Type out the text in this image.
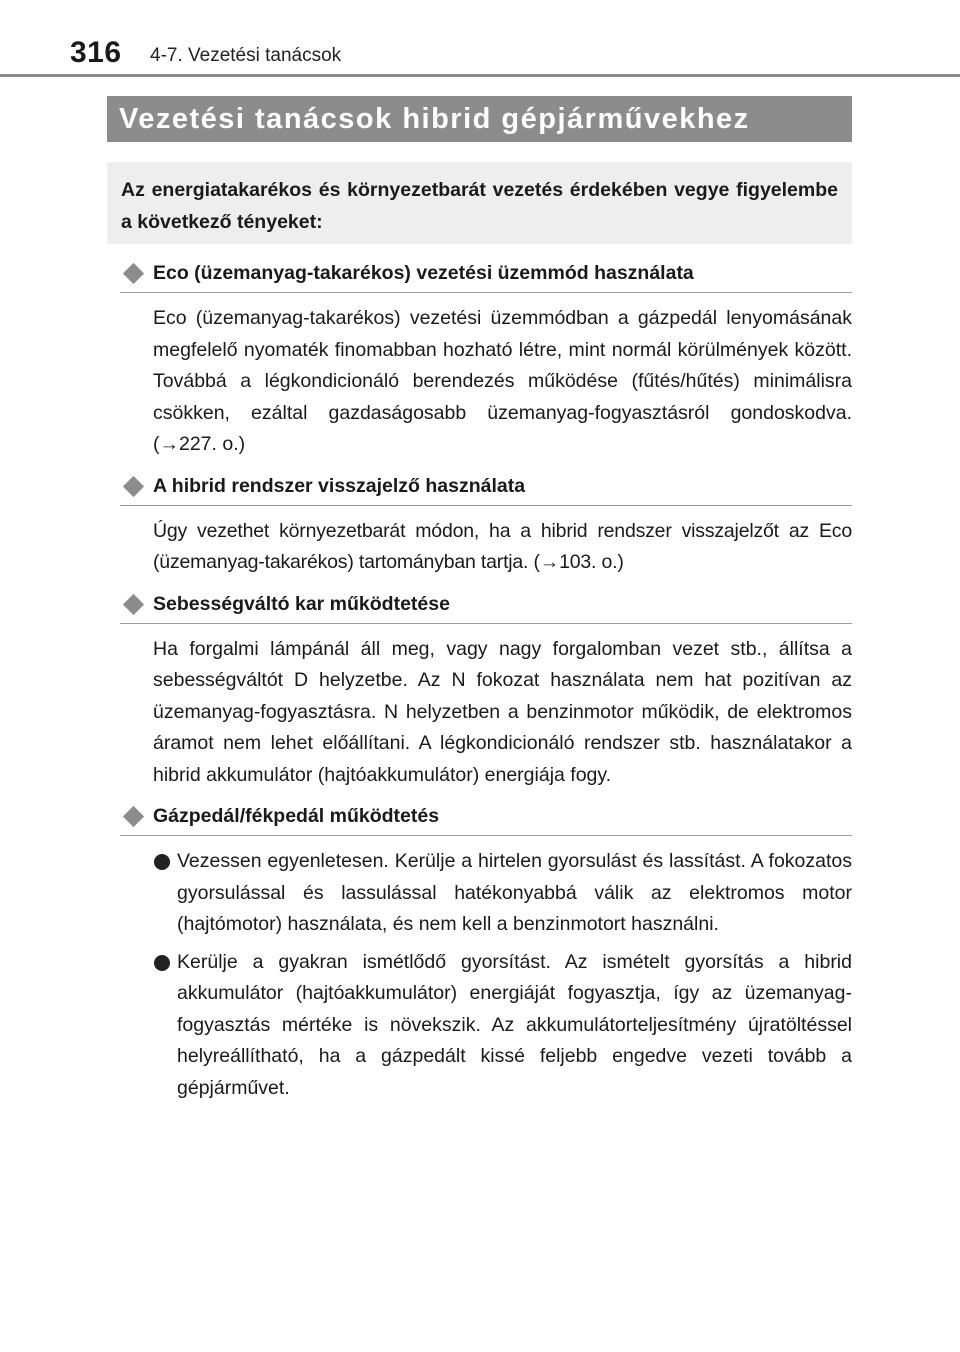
316 4-7. Vezetési tanácsok
Vezetési tanácsok hibrid gépjárművekhez
Az energiatakarékos és környezetbarát vezetés érdekében vegye figyelembe a következő tényeket:
Eco (üzemanyag-takarékos) vezetési üzemmód használata
Eco (üzemanyag-takarékos) vezetési üzemmódban a gázpedál lenyomásának megfelelő nyomaték finomabban hozható létre, mint normál körülmények között. Továbbá a légkondicionáló berendezés működése (fűtés/hűtés) minimálisra csökken, ezáltal gazdaságosabb üzemanyag-fogyasztásról gondoskodva. (→227. o.)
A hibrid rendszer visszajelző használata
Úgy vezethet környezetbarát módon, ha a hibrid rendszer visszajelzőt az Eco (üzemanyag-takarékos) tartományban tartja. (→103. o.)
Sebességváltó kar működtetése
Ha forgalmi lámpánál áll meg, vagy nagy forgalomban vezet stb., állítsa a sebességváltót D helyzetbe. Az N fokozat használata nem hat pozitívan az üzemanyag-fogyasztásra. N helyzetben a benzinmotor működik, de elektromos áramot nem lehet előállítani. A légkondicionáló rendszer stb. használatakor a hibrid akkumulátor (hajtóakkumulátor) energiája fogy.
Gázpedál/fékpedál működtetés
Vezessen egyenletesen. Kerülje a hirtelen gyorsulást és lassítást. A fokozatos gyorsulással és lassulással hatékonyabbá válik az elektromos motor (hajtómotor) használata, és nem kell a benzinmotort használni.
Kerülje a gyakran ismétlődő gyorsítást. Az ismételt gyorsítás a hibrid akkumulátor (hajtóakkumulátor) energiáját fogyasztja, így az üzemanyag-fogyasztás mértéke is növekszik. Az akkumulátorteljesítmény újratöltéssel helyreállítható, ha a gázpedált kissé feljebb engedve vezeti tovább a gépjárművet.
